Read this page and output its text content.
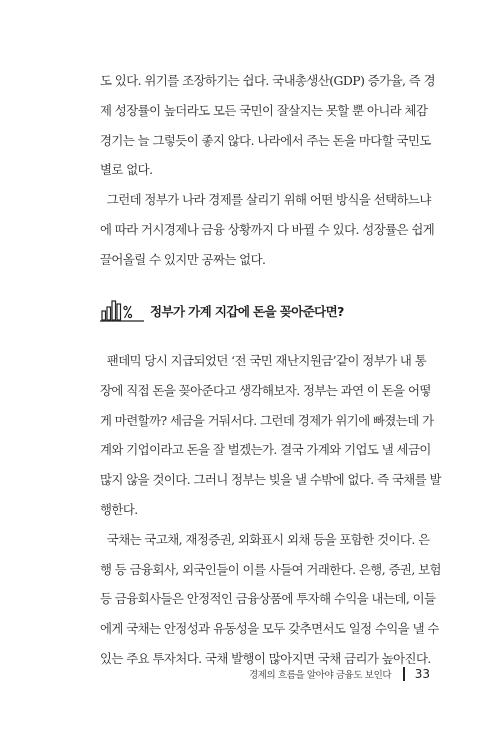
도 있다. 위기를 조장하기는 쉽다. 국내총생산(GDP) 증가율, 즉 경
제 성장률이 높더라도 모든 국민이 잘살지는 못할 뿐 아니라 체감
경기는 늘 그렇듯이 좋지 않다. 나라에서 주는 돈을 마다할 국민도
별로 없다.
그런데 정부가 나라 경제를 살리기 위해 어떤 방식을 선택하느냐
에 따라 거시경제나 금융 상황까지 다 바뀔 수 있다. 성장률은 쉽게
끌어올릴 수 있지만 공짜는 없다.
정부가 가계 지갑에 돈을 꽂아준다면?
팬데믹 당시 지급되었던 ‘전 국민 재난지원금’같이 정부가 내 통
장에 직접 돈을 꽂아준다고 생각해보자. 정부는 과연 이 돈을 어떻
게 마련할까? 세금을 거둬서다. 그런데 경제가 위기에 빠졌는데 가
계와 기업이라고 돈을 잘 벌겠는가. 결국 가계와 기업도 낼 세금이
많지 않을 것이다. 그러니 정부는 빚을 낼 수밖에 없다. 즉 국채를 발
행한다.
국채는 국고채, 재정증권, 외화표시 외채 등을 포함한 것이다. 은
행 등 금융회사, 외국인들이 이를 사들여 거래한다. 은행, 증권, 보험
등 금융회사들은 안정적인 금융상품에 투자해 수익을 내는데, 이들
에게 국채는 안정성과 유동성을 모두 갖추면서도 일정 수익을 낼 수
있는 주요 투자처다. 국채 발행이 많아지면 국채 금리가 높아진다.
경제의 흐름을 알아야 금융도 보인다 33
